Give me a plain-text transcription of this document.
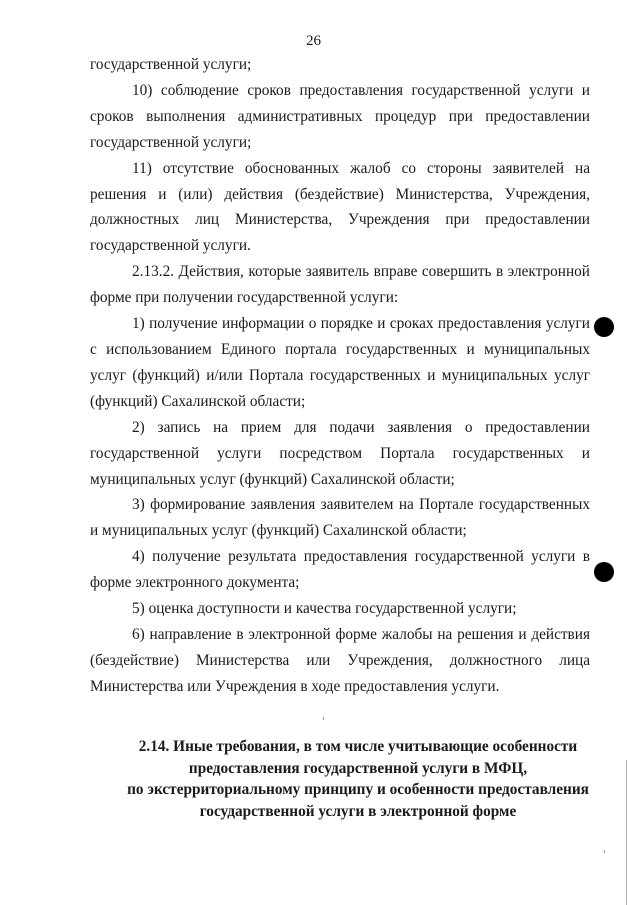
26

государственной услуги;

10) соблюдение сроков предоставления государственной услуги и сроков выполнения административных процедур при предоставлении государственной услуги;

11) отсутствие обоснованных жалоб со стороны заявителей на решения и (или) действия (бездействие) Министерства, Учреждения, должностных лиц Министерства, Учреждения при предоставлении государственной услуги.

2.13.2. Действия, которые заявитель вправе совершить в электронной форме при получении государственной услуги:

1) получение информации о порядке и сроках предоставления услуги с использованием Единого портала государственных и муниципальных услуг (функций) и/или Портала государственных и муниципальных услуг (функций) Сахалинской области;

2) запись на прием для подачи заявления о предоставлении государственной услуги посредством Портала государственных и муниципальных услуг (функций) Сахалинской области;

3) формирование заявления заявителем на Портале государственных и муниципальных услуг (функций) Сахалинской области;

4) получение результата предоставления государственной услуги в форме электронного документа;

5) оценка доступности и качества государственной услуги;

6) направление в электронной форме жалобы на решения и действия (бездействие) Министерства или Учреждения, должностного лица Министерства или Учреждения в ходе предоставления услуги.

2.14. Иные требования, в том числе учитывающие особенности
предоставления государственной услуги в МФЦ,
по экстерриториальному принципу и особенности предоставления
государственной услуги в электронной форме
